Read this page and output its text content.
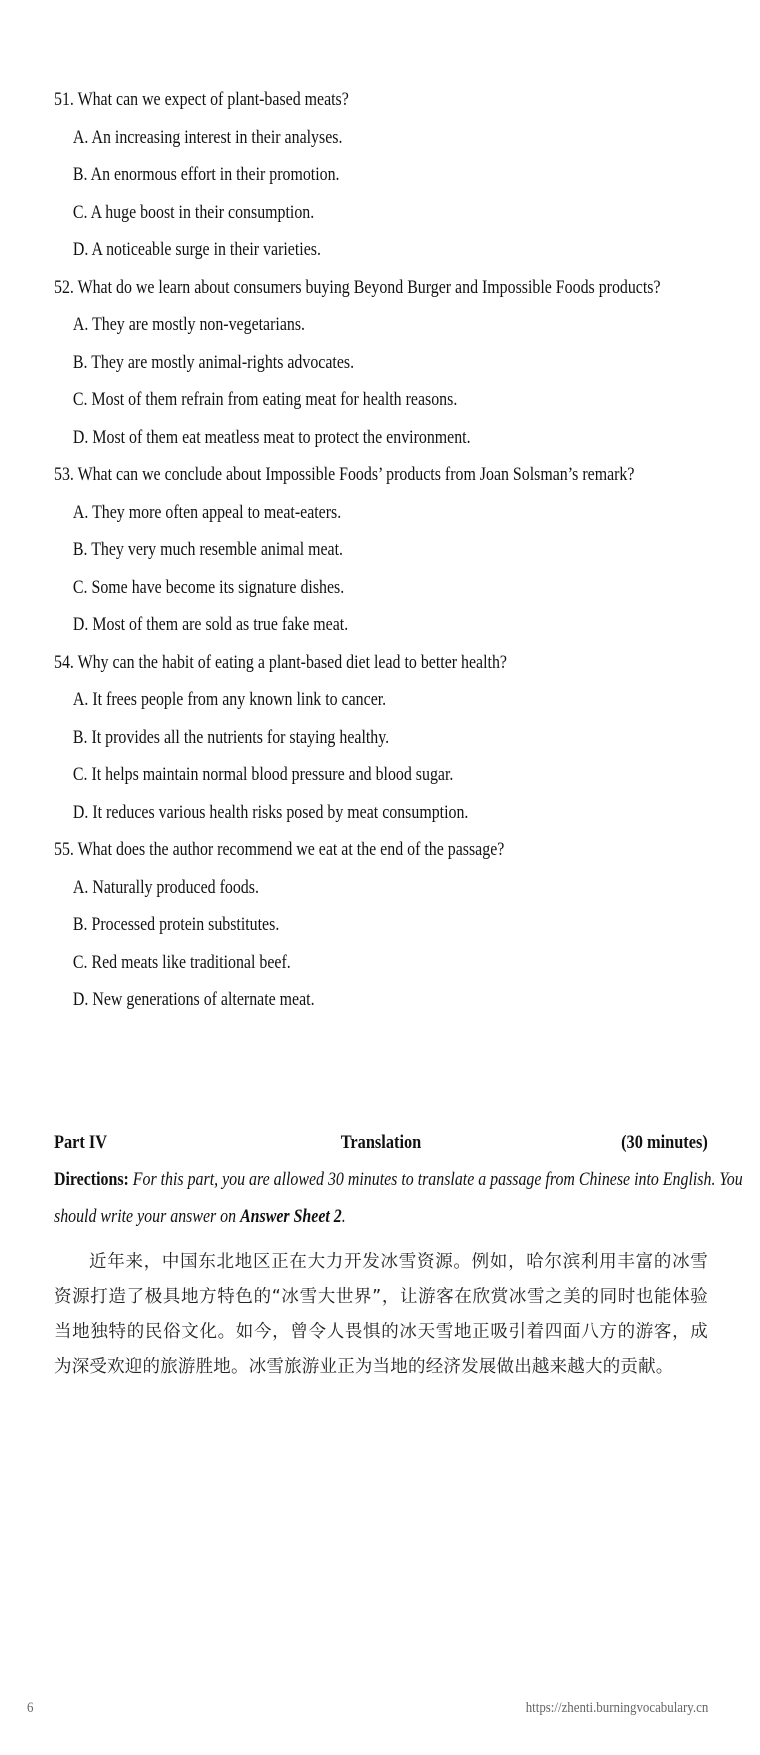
51. What can we expect of plant-based meats?
A. An increasing interest in their analyses.
B. An enormous effort in their promotion.
C. A huge boost in their consumption.
D. A noticeable surge in their varieties.
52. What do we learn about consumers buying Beyond Burger and Impossible Foods products?
A. They are mostly non-vegetarians.
B. They are mostly animal-rights advocates.
C. Most of them refrain from eating meat for health reasons.
D. Most of them eat meatless meat to protect the environment.
53. What can we conclude about Impossible Foods’ products from Joan Solsman’s remark?
A. They more often appeal to meat-eaters.
B. They very much resemble animal meat.
C. Some have become its signature dishes.
D. Most of them are sold as true fake meat.
54. Why can the habit of eating a plant-based diet lead to better health?
A. It frees people from any known link to cancer.
B. It provides all the nutrients for staying healthy.
C. It helps maintain normal blood pressure and blood sugar.
D. It reduces various health risks posed by meat consumption.
55. What does the author recommend we eat at the end of the passage?
A. Naturally produced foods.
B. Processed protein substitutes.
C. Red meats like traditional beef.
D. New generations of alternate meat.
Part IV	Translation	(30 minutes)
Directions: For this part, you are allowed 30 minutes to translate a passage from Chinese into English. You
should write your answer on Answer Sheet 2.
近年来，中国东北地区正在大力开发冰雪资源。例如，哈尔滨利用丰富的冰雪资源打造了极具地方特色的“冰雪大世界”，让游客在欣赏冰雪之美的同时也能体验当地独特的民俗文化。如今，曾令人畏惧的冰天雪地正吸引着四面八方的游客，成为深受欢迎的旅游胜地。冰雪旅游业正为当地的经济发展做出越来越大的贡献。
6	https://zhenti.burningvocabulary.cn
